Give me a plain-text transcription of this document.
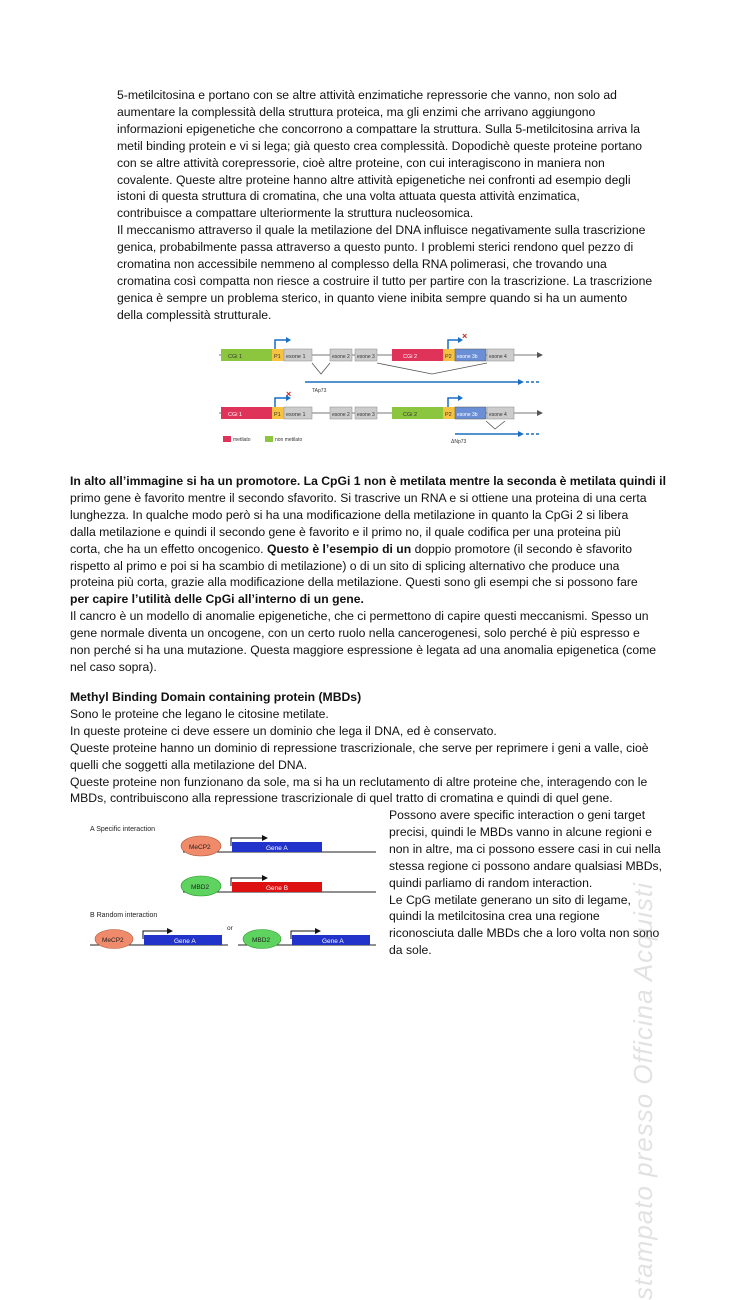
5-metilcitosina e portano con se altre attività enzimatiche repressorie che vanno, non solo ad
aumentare la complessità della struttura proteica, ma gli enzimi che arrivano aggiungono
informazioni epigenetiche che concorrono a compattare la struttura. Sulla 5-metilcitosina arriva la
metil binding protein e vi si lega; già questo crea complessità. Dopodichè queste proteine portano
con se altre attività corepressorie, cioè altre proteine, con cui interagiscono in maniera non
covalente. Queste altre proteine hanno altre attività epigenetiche nei confronti ad esempio degli
istoni di questa struttura di cromatina, che una volta attuata questa attività enzimatica,
contribuisce a compattare ulteriormente la struttura nucleosomica.
Il meccanismo attraverso il quale la metilazione del DNA influisce negativamente sulla trascrizione
genica, probabilmente passa attraverso a questo punto. I problemi sterici rendono quel pezzo di
cromatina non accessibile nemmeno al complesso della RNA polimerasi, che trovando una
cromatina così compatta non riesce a costruire il tutto per partire con la trascrizione. La trascrizione
genica è sempre un problema sterico, in quanto viene inibita sempre quando si ha un aumento
della complessità strutturale.
CGi 1	P1 esone 1	esone 2 esone 3	CGi 2	P2 esone 3b
×
esone 4
TAp73
CGi 1	P1 esone 1
×
esone 2 esone 3	CGi 2	P2 esone 3b esone 4
ΔNp73
metilato	non metilato
In alto all’immagine si ha un promotore. La CpGi 1 non è metilata mentre la seconda è metilata quindi il
primo gene è favorito mentre il secondo sfavorito. Si trascrive un RNA e si ottiene una proteina di una certa
lunghezza. In qualche modo però si ha una modificazione della metilazione in quanto la CpGi 2 si libera
dalla metilazione e quindi il secondo gene è favorito e il primo no, il quale codifica per una proteina più
corta, che ha un effetto oncogenico. Questo è l’esempio di un doppio promotore (il secondo è sfavorito
rispetto al primo e poi si ha scambio di metilazione) o di un sito di splicing alternativo che produce una
proteina più corta, grazie alla modificazione della metilazione. Questi sono gli esempi che si possono fare
per capire l’utilità delle CpGi all’interno di un gene.
Il cancro è un modello di anomalie epigenetiche, che ci permettono di capire questi meccanismi. Spesso un
gene normale diventa un oncogene, con un certo ruolo nella cancerogenesi, solo perché è più espresso e
non perché si ha una mutazione. Questa maggiore espressione è legata ad una anomalia epigenetica (come
nel caso sopra).
Methyl Binding Domain containing protein (MBDs)
Sono le proteine che legano le citosine metilate.
In queste proteine ci deve essere un dominio che lega il DNA, ed è conservato.
Queste proteine hanno un dominio di repressione trascrizionale, che serve per reprimere i geni a valle, cioè
quelli che soggetti alla metilazione del DNA.
Queste proteine non funzionano da sole, ma si ha un reclutamento di altre proteine che, interagendo con le
MBDs, contribuiscono alla repressione trascrizionale di quel tratto di cromatina e quindi di quel gene.
A Specific interaction
MeCP2	Gene A
MBD2	Gene B
B Random interaction
or
MeCP2	Gene A	MBD2	Gene A
Possono avere specific interaction o geni target
precisi, quindi le MBDs vanno in alcune regioni e
non in altre, ma ci possono essere casi in cui nella
stessa regione ci possono andare qualsiasi MBDs,
quindi parliamo di random interaction.
Le CpG metilate generano un sito di legame,
quindi la metilcitosina crea una regione
riconosciuta dalle MBDs che a loro volta non sono
da sole.	stampato presso Officina Acquisti
